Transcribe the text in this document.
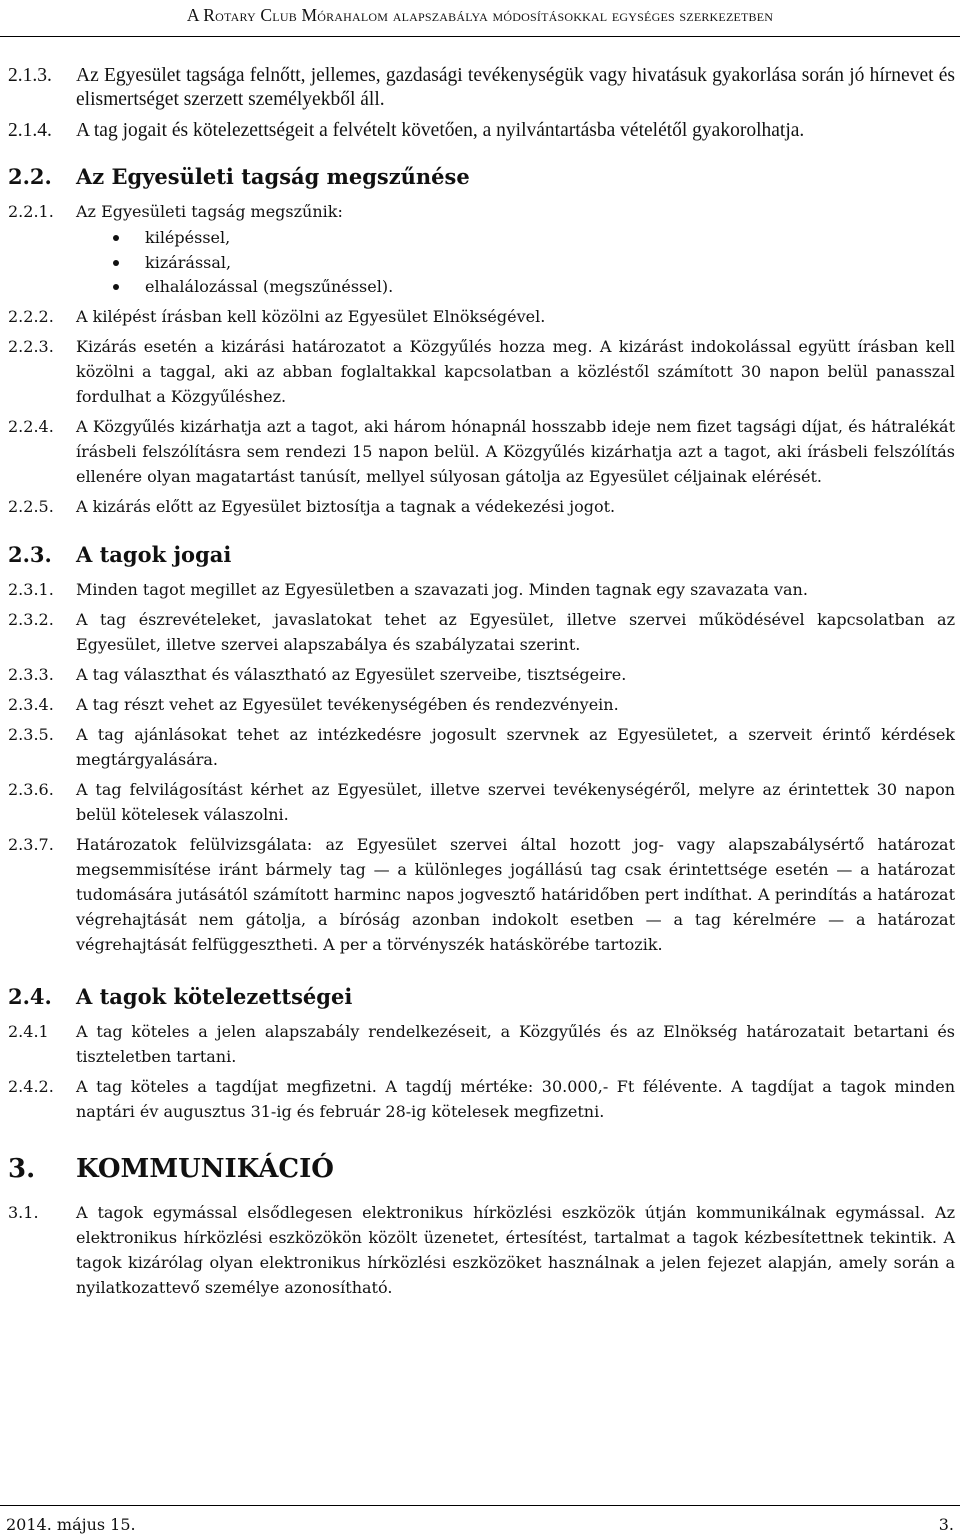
A Rotary Club Mórahalom alapszabálya módosításokkal egységes szerkezetben
2.1.3.	Az Egyesület tagsága felnőtt, jellemes, gazdasági tevékenységük vagy hivatásuk gyakorlása során jó hírnevet és elismertséget szerzett személyekből áll.
2.1.4.	A tag jogait és kötelezettségeit a felvételt követően, a nyilvántartásba vételétől gyakorolhatja.
2.2.	Az Egyesületi tagság megszűnése
2.2.1.	Az Egyesületi tagság megszűnik:
kilépéssel,
kizárással,
elhalálozással (megszűnéssel).
2.2.2.	A kilépést írásban kell közölni az Egyesület Elnökségével.
2.2.3.	Kizárás esetén a kizárási határozatot a Közgyűlés hozza meg. A kizárást indokolással együtt írásban kell közölni a taggal, aki az abban foglaltakkal kapcsolatban a közléstől számított 30 napon belül panasszal fordulhat a Közgyűléshez.
2.2.4.	A Közgyűlés kizárhatja azt a tagot, aki három hónapnál hosszabb ideje nem fizet tagsági díjat, és hátralékát írásbeli felszólításra sem rendezi 15 napon belül. A Közgyűlés kizárhatja azt a tagot, aki írásbeli felszólítás ellenére olyan magatartást tanúsít, mellyel súlyosan gátolja az Egyesület céljainak elérését.
2.2.5.	A kizárás előtt az Egyesület biztosítja a tagnak a védekezési jogot.
2.3.	A tagok jogai
2.3.1.	Minden tagot megillet az Egyesületben a szavazati jog. Minden tagnak egy szavazata van.
2.3.2.	A tag észrevételeket, javaslatokat tehet az Egyesület, illetve szervei működésével kapcsolatban az Egyesület, illetve szervei alapszabálya és szabályzatai szerint.
2.3.3.	A tag választhat és választható az Egyesület szerveibe, tisztségeire.
2.3.4.	A tag részt vehet az Egyesület tevékenységében és rendezvényein.
2.3.5.	A tag ajánlásokat tehet az intézkedésre jogosult szervnek az Egyesületet, a szerveit érintő kérdések megtárgyalására.
2.3.6.	A tag felvilágosítást kérhet az Egyesület, illetve szervei tevékenységéről, melyre az érintettek 30 napon belül kötelesek válaszolni.
2.3.7.	Határozatok felülvizsgálata: az Egyesület szervei által hozott jog- vagy alapszabálysértő határozat megsemmisítése iránt bármely tag — a különleges jogállású tag csak érintettsége esetén — a határozat tudomására jutásától számított harminc napos jogvesztő határidőben pert indíthat. A perindítás a határozat végrehajtását nem gátolja, a bíróság azonban indokolt esetben — a tag kérelmére — a határozat végrehajtását felfüggesztheti. A per a törvényszék hatáskörébe tartozik.
2.4.	A tagok kötelezettségei
2.4.1	A tag köteles a jelen alapszabály rendelkezéseit, a Közgyűlés és az Elnökség határozatait betartani és tiszteletben tartani.
2.4.2.	A tag köteles a tagdíjat megfizetni. A tagdíj mértéke: 30.000,- Ft félévente. A tagdíjat a tagok minden naptári év augusztus 31-ig és február 28-ig kötelesek megfizetni.
3.	KOMMUNIKÁCIÓ
3.1.	A tagok egymással elsődlegesen elektronikus hírközlési eszközök útján kommunikálnak egymással. Az elektronikus hírközlési eszközökön közölt üzenetet, értesítést, tartalmat a tagok kézbesítettnek tekintik. A tagok kizárólag olyan elektronikus hírközlési eszközöket használnak a jelen fejezet alapján, amely során a nyilatkozattevő személye azonosítható.
2014. május 15.	3.
